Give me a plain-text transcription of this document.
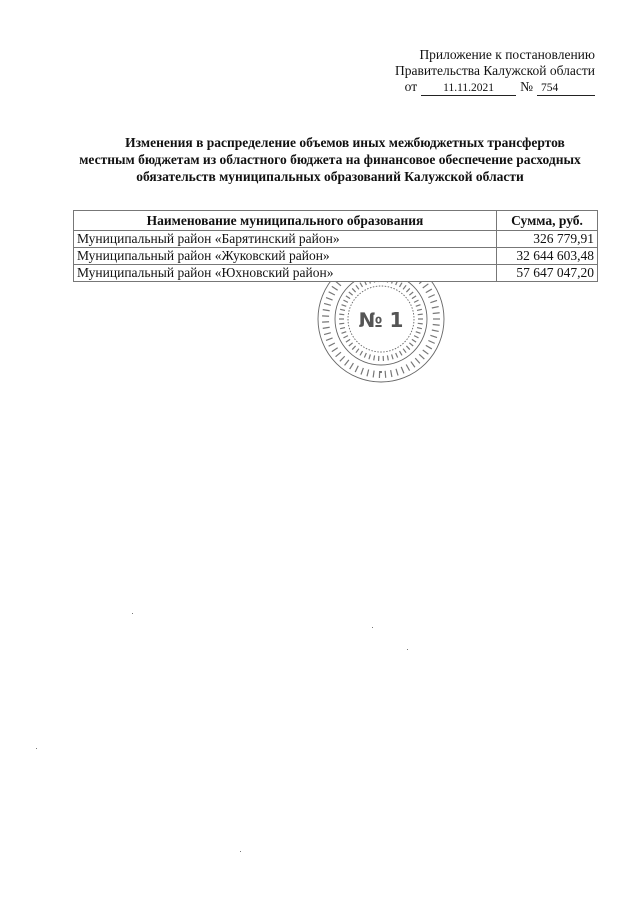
Приложение к постановлению
Правительства Калужской области
от	11.11.2021	№ 754
Изменения в распределение объемов иных межбюджетных трансфертов
местным бюджетам из областного бюджета на финансовое обеспечение расходных
обязательств муниципальных образований Калужской области
№ 1
Наименование муниципального образования	Сумма, руб.
Муниципальный район «Барятинский район»	326 779,91
Муниципальный район «Жуковский район»	32 644 603,48
Муниципальный район «Юхновский район»	57 647 047,20
